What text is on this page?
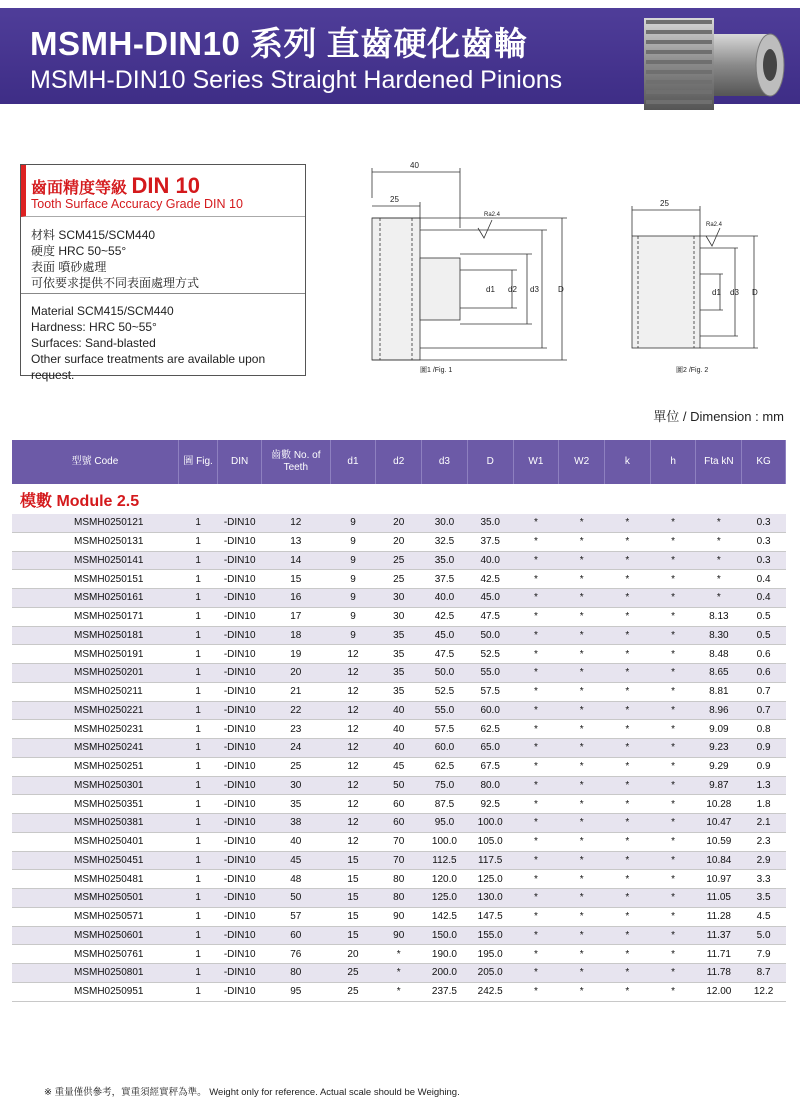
MSMH-DIN10 系列 直齒硬化齒輪
MSMH-DIN10 Series Straight Hardened Pinions
齒面精度等級 DIN 10
Tooth Surface Accuracy Grade DIN 10
材料 SCM415/SCM440
硬度 HRC 50~55°
表面 噴砂處理
可依要求提供不同表面處理方式
Material SCM415/SCM440
Hardness: HRC 50~55°
Surfaces: Sand-blasted
Other surface treatments are available upon request.
40
25
Ra2.4
d1 d2 d3 D
圖1 /Fig. 1
25
Ra2.4
d1 d3 D
圖2 /Fig. 2
單位 / Dimension : mm
型號 Code	圖 Fig.	DIN	齒數 No. of Teeth	d1	d2	d3	D	W1	W2	k	h	Fta kN	KG
模數 Module 2.5													
MSMH0250121	1	-DIN10	12	9	20	30.0	35.0	*	*	*	*	*	0.3
MSMH0250131	1	-DIN10	13	9	20	32.5	37.5	*	*	*	*	*	0.3
MSMH0250141	1	-DIN10	14	9	25	35.0	40.0	*	*	*	*	*	0.3
MSMH0250151	1	-DIN10	15	9	25	37.5	42.5	*	*	*	*	*	0.4
MSMH0250161	1	-DIN10	16	9	30	40.0	45.0	*	*	*	*	*	0.4
MSMH0250171	1	-DIN10	17	9	30	42.5	47.5	*	*	*	*	8.13	0.5
MSMH0250181	1	-DIN10	18	9	35	45.0	50.0	*	*	*	*	8.30	0.5
MSMH0250191	1	-DIN10	19	12	35	47.5	52.5	*	*	*	*	8.48	0.6
MSMH0250201	1	-DIN10	20	12	35	50.0	55.0	*	*	*	*	8.65	0.6
MSMH0250211	1	-DIN10	21	12	35	52.5	57.5	*	*	*	*	8.81	0.7
MSMH0250221	1	-DIN10	22	12	40	55.0	60.0	*	*	*	*	8.96	0.7
MSMH0250231	1	-DIN10	23	12	40	57.5	62.5	*	*	*	*	9.09	0.8
MSMH0250241	1	-DIN10	24	12	40	60.0	65.0	*	*	*	*	9.23	0.9
MSMH0250251	1	-DIN10	25	12	45	62.5	67.5	*	*	*	*	9.29	0.9
MSMH0250301	1	-DIN10	30	12	50	75.0	80.0	*	*	*	*	9.87	1.3
MSMH0250351	1	-DIN10	35	12	60	87.5	92.5	*	*	*	*	10.28	1.8
MSMH0250381	1	-DIN10	38	12	60	95.0	100.0	*	*	*	*	10.47	2.1
MSMH0250401	1	-DIN10	40	12	70	100.0	105.0	*	*	*	*	10.59	2.3
MSMH0250451	1	-DIN10	45	15	70	112.5	117.5	*	*	*	*	10.84	2.9
MSMH0250481	1	-DIN10	48	15	80	120.0	125.0	*	*	*	*	10.97	3.3
MSMH0250501	1	-DIN10	50	15	80	125.0	130.0	*	*	*	*	11.05	3.5
MSMH0250571	1	-DIN10	57	15	90	142.5	147.5	*	*	*	*	11.28	4.5
MSMH0250601	1	-DIN10	60	15	90	150.0	155.0	*	*	*	*	11.37	5.0
MSMH0250761	1	-DIN10	76	20	*	190.0	195.0	*	*	*	*	11.71	7.9
MSMH0250801	1	-DIN10	80	25	*	200.0	205.0	*	*	*	*	11.78	8.7
MSMH0250951	1	-DIN10	95	25	*	237.5	242.5	*	*	*	*	12.00	12.2
※ 重量僅供參考，實重須經實秤為準。 Weight only for reference. Actual scale should be Weighing.
